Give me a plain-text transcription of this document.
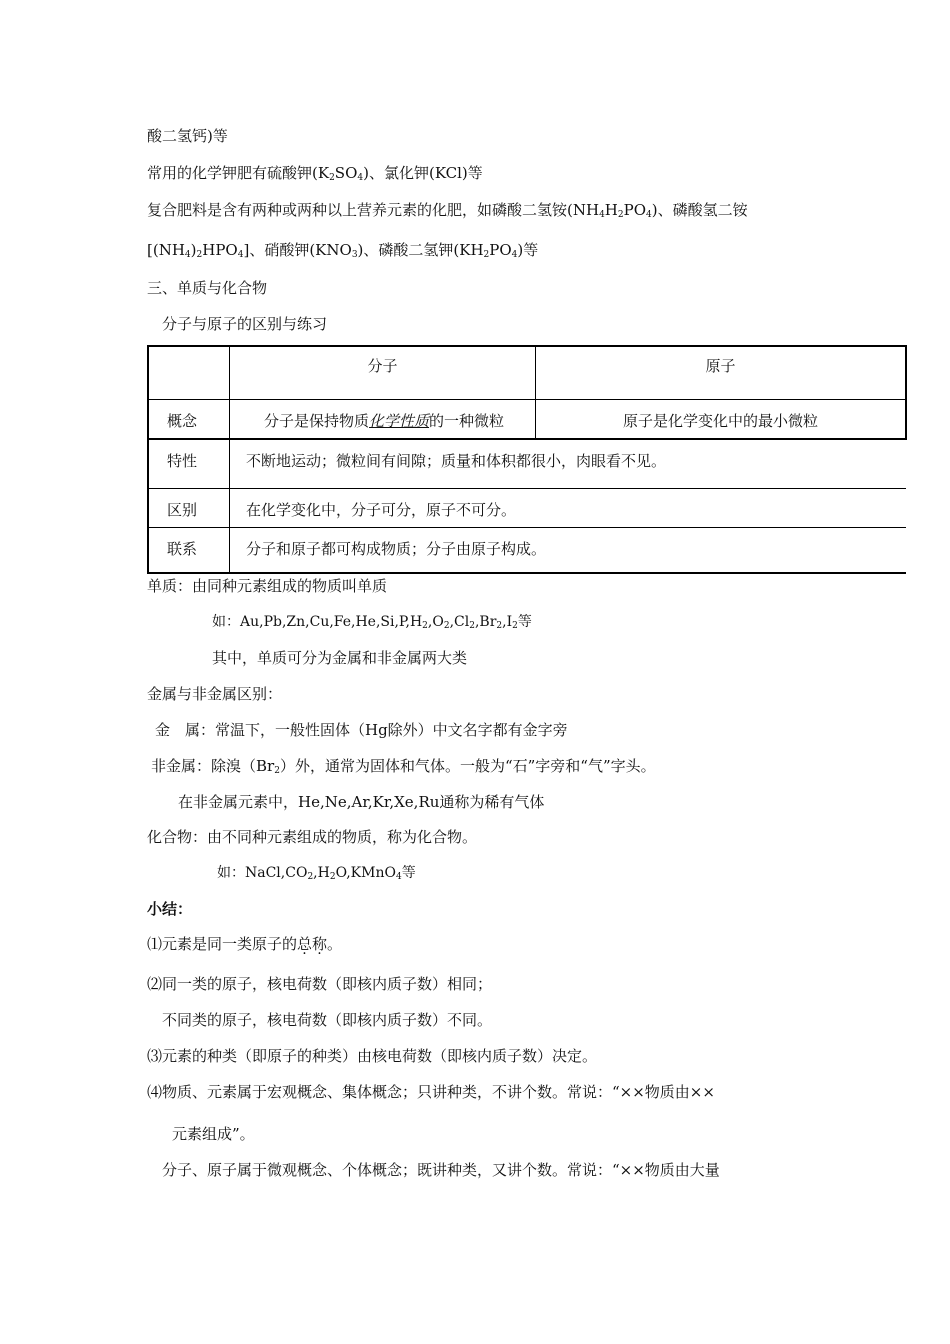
酸二氢钙)等
常用的化学钾肥有硫酸钾$(K_2SO_4)$、氯化钾(KCl)等
复合肥料是含有两种或两种以上营养元素的化肥，如磷酸二氢铵$(NH_4H_2PO_4)$、磷酸氢二铵
$[(NH_4)_2HPO_4]$、硝酸钾$(KNO_3)$、磷酸二氢钾$(KH_2PO_4)$等
三、单质与化合物
分子与原子的区别与练习

	分子	原子

概念	分子是保持物质化学性质的一种微粒	原子是化学变化中的最小微粒

特性	不断地运动；微粒间有间隙；质量和体积都很小，肉眼看不见。	

区别	在化学变化中，分子可分，原子不可分。	

联系	分子和原子都可构成物质；分子由原子构成。	
单质：由同种元素组成的物质叫单质
如：$Au,Pb,Zn,Cu,Fe,He,Si,P,H_2,O_2,Cl_2,Br_2,I_2$等
其中，单质可分为金属和非金属两大类
金属与非金属区别：
金　属：常温下，一般性固体（Hg除外）中文名字都有金字旁
非金属：除溴$(Br_2)$外，通常为固体和气体。一般为“石”字旁和“气”字头。
在非金属元素中，He,Ne,Ar,Kr,Xe,Ru通称为稀有气体
化合物：由不同种元素组成的物质，称为化合物。
如：$NaCl,CO_2,H_2O,KMnO_4$等
小结：
⑴元素是同一类原子的总称。
⑵同一类的原子，核电荷数（即核内质子数）相同；
不同类的原子，核电荷数（即核内质子数）不同。
⑶元素的种类（即原子的种类）由核电荷数（即核内质子数）决定。
⑷物质、元素属于宏观概念、集体概念；只讲种类，不讲个数。常说：“××物质由××
元素组成”。
分子、原子属于微观概念、个体概念；既讲种类，又讲个数。常说：“××物质由大量
